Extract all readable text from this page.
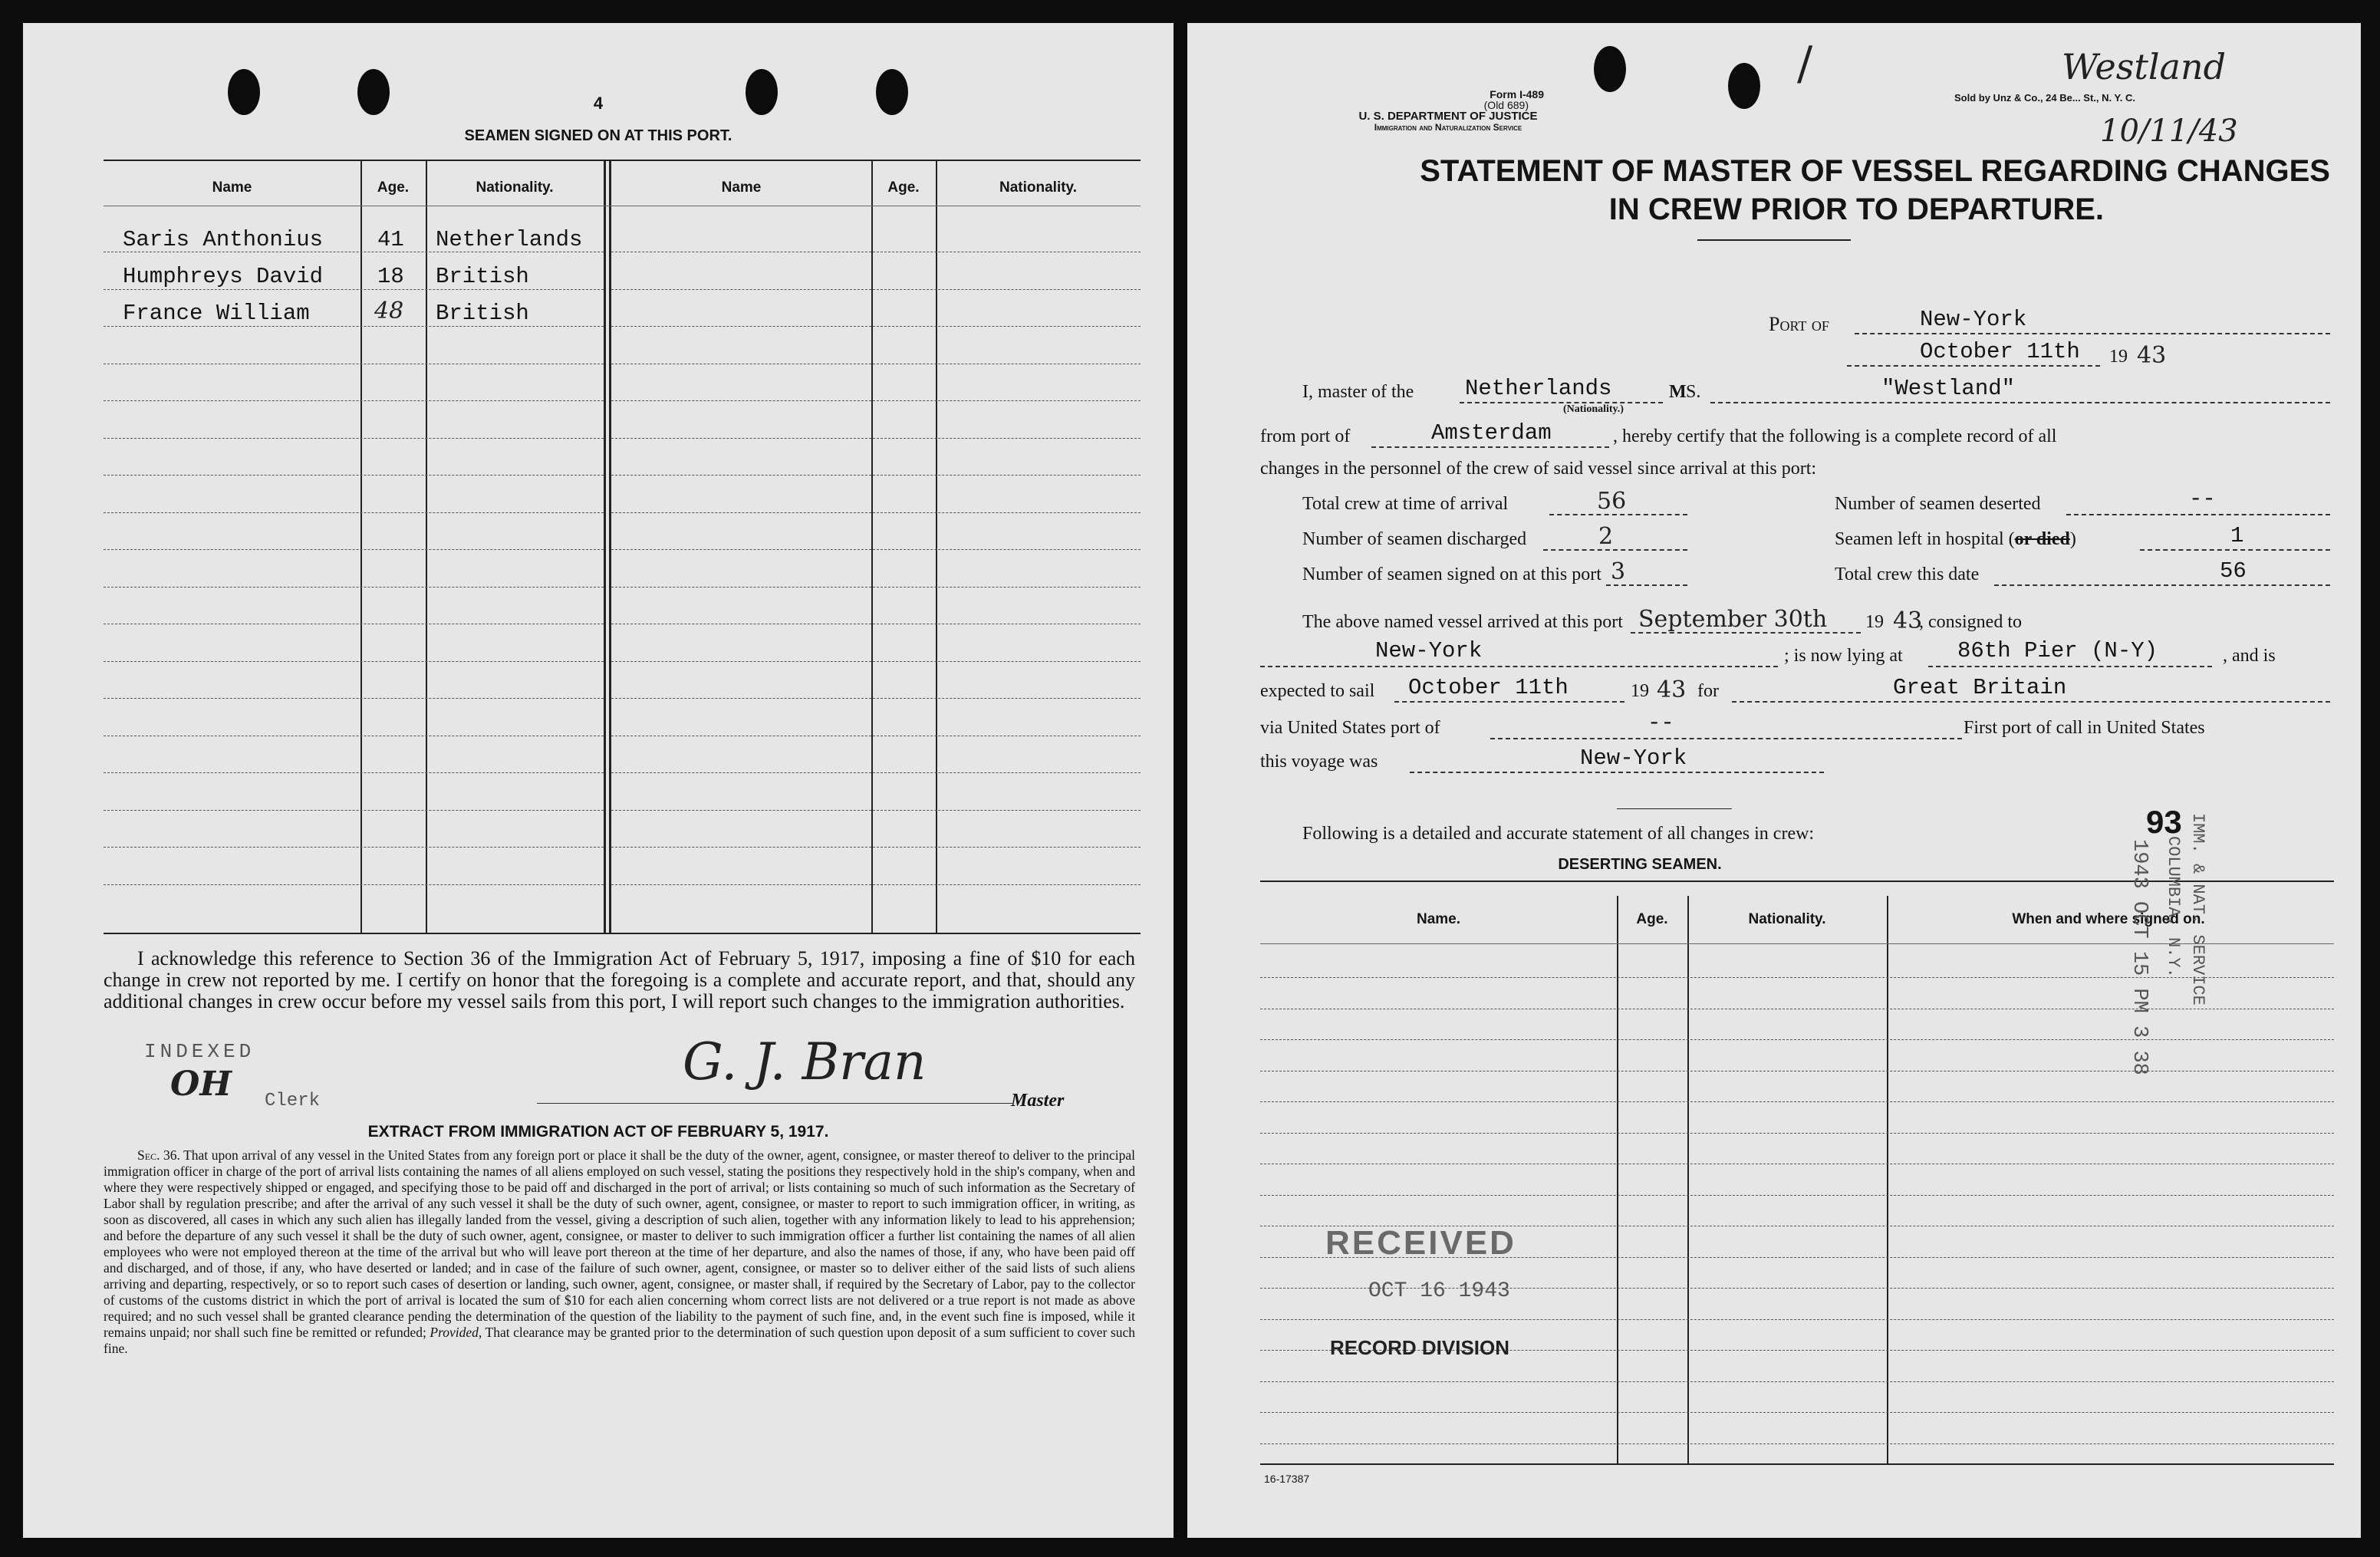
4
SEAMEN SIGNED ON AT THIS PORT.
Name	Age.	Nationality.	Name	Age.	Nationality.
Saris Anthonius 41 Netherlands
Humphreys David 18 British
France William	48 British
I acknowledge this reference to Section 36 of the Immigration Act of February 5, 1917, imposing a fine of $10 for each change in crew not reported by me. I certify on honor that the foregoing is a complete and accurate report, and that, should any additional changes in crew occur before my vessel sails from this port, I will report such changes to the immigration authorities.
INDEXED
OH Clerk
G. J. Bran
Master
EXTRACT FROM IMMIGRATION ACT OF FEBRUARY 5, 1917.
Sec. 36. That upon arrival of any vessel in the United States from any foreign port or place it shall be the duty of the owner, agent, consignee, or master thereof to deliver to the principal immigration officer in charge of the port of arrival lists containing the names of all aliens employed on such vessel, stating the positions they respectively hold in the ship's company, when and where they were respectively shipped or engaged, and specifying those to be paid off and discharged in the port of arrival; or lists containing so much of such information as the Secretary of Labor shall by regulation prescribe; and after the arrival of any such vessel it shall be the duty of such owner, agent, consignee, or master to report to such immigration officer, in writing, as soon as discovered, all cases in which any such alien has illegally landed from the vessel, giving a description of such alien, together with any information likely to lead to his apprehension; and before the departure of any such vessel it shall be the duty of such owner, agent, consignee, or master to deliver to such immigration officer a further list containing the names of all alien employees who were not employed thereon at the time of the arrival but who will leave port thereon at the time of her departure, and also the names of those, if any, who have been paid off and discharged, and of those, if any, who have deserted or landed; and in case of the failure of such owner, agent, consignee, or master so to deliver either of the said lists of such aliens arriving and departing, respectively, or so to report such cases of desertion or landing, such owner, agent, consignee, or master shall, if required by the Secretary of Labor, pay to the collector of customs of the customs district in which the port of arrival is located the sum of $10 for each alien concerning whom correct lists are not delivered or a true report is not made as above required; and no such vessel shall be granted clearance pending the determination of the question of the liability to the payment of such fine, and, in the event such fine is imposed, while it remains unpaid; nor shall such fine be remitted or refunded; Provided, That clearance may be granted prior to the determination of such question upon deposit of a sum sufficient to cover such fine.
/
Form I-489
(Old 689)
U. S. DEPARTMENT OF JUSTICE
Immigration and Naturalization Service
Sold by Unz & Co., 24 Be... St., N. Y. C.
Westland
10/11/43
STATEMENT OF MASTER OF VESSEL REGARDING CHANGES
IN CREW PRIOR TO DEPARTURE.
Port of	New-York
October 11th 19 43
I, master of the Netherlands
(Nationality.)
M S.	"Westland"
from port of	Amsterdam	, hereby certify that the following is a complete record of all
changes in the personnel of the crew of said vessel since arrival at this port:
Total crew at time of arrival	56	Number of seamen deserted	--
Number of seamen discharged	2	Seamen left in hospital (or died)	1
Number of seamen signed on at this port 3	Total crew this date	56
The above named vessel arrived at this port September 30th 19 43
, consigned to
New-York	; is now lying at 86th Pier (N-Y)	, and is
expected to sail October 11th	19 43 for	Great Britain
via United States port of	--	First port of call in United States
this voyage was	New-York
Following is a detailed and accurate statement of all changes in crew:	93
DESERTING SEAMEN.
Name.	Age.	Nationality.	When and where signed on.
RECEIVED
OCT 16 1943
RECORD DIVISION
1943 OCT 15 PM 3 38 IMM. & NAT. SERVICE
COLUMBIA, N.Y.
16-17387
